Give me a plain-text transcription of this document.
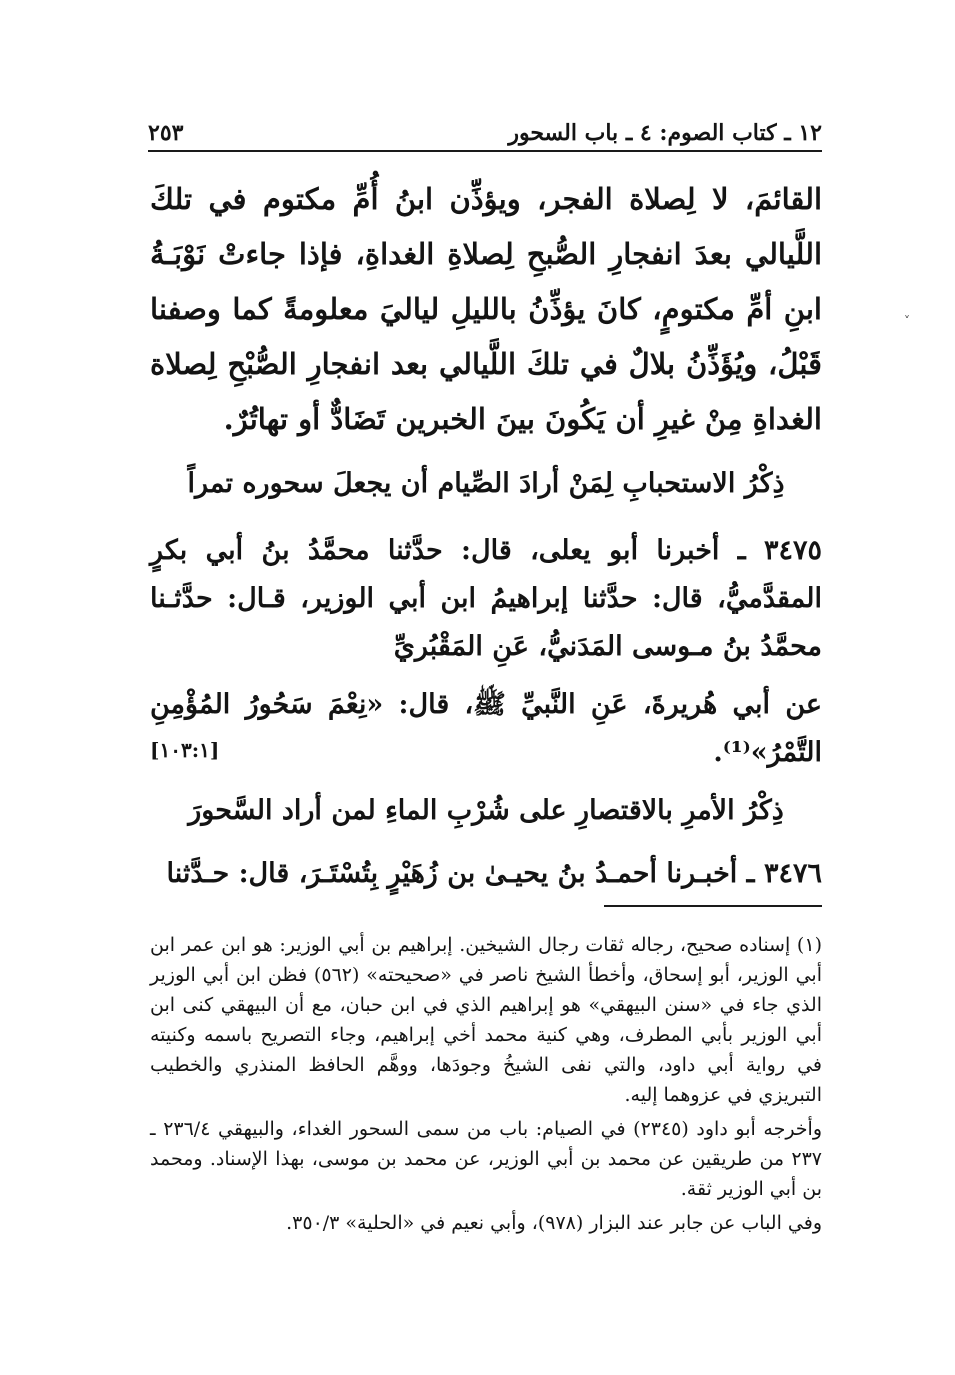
١٢ ـ كتاب الصوم: ٤ ـ باب السحور
٢٥٣
القائمَ، لا لِصلاة الفجر، ويؤذِّن ابنُ أُمِّ مكتوم في تلكَ اللَّيالي بعدَ انفجارِ الصُّبحِ لِصلاةِ الغداةِ، فإذا جاءتْ نَوْبَـةُ ابنِ أمِّ مكتومٍ، كانَ يؤذِّنُ بالليلِ لياليَ معلومةً كما وصفنا قَبْلُ، ويُؤَذِّنُ بلالٌ في تلكَ اللَّيالي بعد انفجارِ الصُّبْحِ لِصلاة الغداةِ مِنْ غيرِ أن يَكُونَ بينَ الخبرين تَضَادٌّ أو تهاتُرٌ.
ذِكْرُ الاستحبابِ لِمَنْ أرادَ الصِّيام أن يجعلَ سحوره تمراً
٣٤٧٥ ـ أخبرنا أبو يعلى، قال: حدَّثنا محمَّدُ بنُ أبي بكرٍ المقدَّميُّ، قال: حدَّثنا إبراهيمُ ابن أبي الوزير، قـال: حدَّثـنا محمَّدُ بنُ مـوسى المَدَنيُّ، عَنِ المَقْبُريِّ
عن أبي هُريرةَ، عَنِ النَّبيِّ ﷺ، قال: «نِعْمَ سَحُورُ المُؤْمِنِ التَّمْرُ»⁽¹⁾.
[١٠٣:١]
ذِكْرُ الأمرِ بالاقتصارِ على شُرْبِ الماءِ لمن أراد السَّحورَ
٣٤٧٦ ـ أخبـرنا أحمـدُ بنُ يحيـىٰ بن زُهَيْرٍ بِتُسْتَـرَ، قال: حـدَّثنا

(١) إسناده صحيح، رجاله ثقات رجال الشيخين. إبراهيم بن أبي الوزير: هو ابن عمر ابن أبي الوزير، أبو إسحاق، وأخطأ الشيخ ناصر في «صحيحته» (٥٦٢) فظن ابن أبي الوزير الذي جاء في «سنن البيهقي» هو إبراهيم الذي في ابن حبان، مع أن البيهقي كنى ابن أبي الوزير بأبي المطرف، وهي كنية محمد أخي إبراهيم، وجاء التصريح باسمه وكنيته في رواية أبي داود، والتي نفى الشيخُ وجودَها، ووهَّم الحافظ المنذري والخطيب التبريزي في عزوهما إليه.

وأخرجه أبو داود (٢٣٤٥) في الصيام: باب من سمى السحور الغداء، والبيهقي ٢٣٦/٤ ـ ٢٣٧ من طريقين عن محمد بن أبي الوزير، عن محمد بن موسى، بهذا الإسناد. ومحمد بن أبي الوزير ثقة.

وفي الباب عن جابر عند البزار (٩٧٨)، وأبي نعيم في «الحلية» ٣٥٠/٣.

˅
